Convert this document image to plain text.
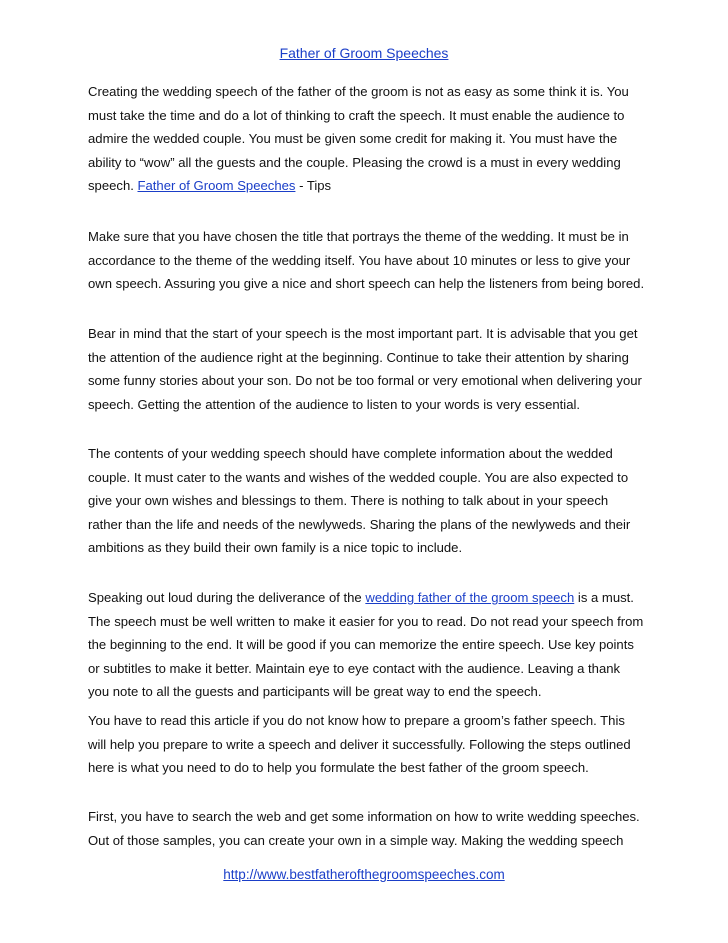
Father of Groom Speeches
Creating the wedding speech of the father of the groom is not as easy as some think it is. You
must take the time and do a lot of thinking to craft the speech. It must enable the audience to
admire the wedded couple. You must be given some credit for making it. You must have the
ability to “wow” all the guests and the couple. Pleasing the crowd is a must in every wedding
speech. Father of Groom Speeches - Tips
Make sure that you have chosen the title that portrays the theme of the wedding. It must be in
accordance to the theme of the wedding itself. You have about 10 minutes or less to give your
own speech. Assuring you give a nice and short speech can help the listeners from being bored.
Bear in mind that the start of your speech is the most important part. It is advisable that you get
the attention of the audience right at the beginning. Continue to take their attention by sharing
some funny stories about your son. Do not be too formal or very emotional when delivering your
speech. Getting the attention of the audience to listen to your words is very essential.
The contents of your wedding speech should have complete information about the wedded
couple. It must cater to the wants and wishes of the wedded couple. You are also expected to
give your own wishes and blessings to them. There is nothing to talk about in your speech
rather than the life and needs of the newlyweds. Sharing the plans of the newlyweds and their
ambitions as they build their own family is a nice topic to include.
Speaking out loud during the deliverance of the wedding father of the groom speech is a must.
The speech must be well written to make it easier for you to read. Do not read your speech from
the beginning to the end. It will be good if you can memorize the entire speech. Use key points
or subtitles to make it better. Maintain eye to eye contact with the audience. Leaving a thank
you note to all the guests and participants will be great way to end the speech.
You have to read this article if you do not know how to prepare a groom’s father speech. This
will help you prepare to write a speech and deliver it successfully. Following the steps outlined
here is what you need to do to help you formulate the best father of the groom speech.
First, you have to search the web and get some information on how to write wedding speeches.
Out of those samples, you can create your own in a simple way. Making the wedding speech
http://www.bestfatherofthegroomspeeches.com
